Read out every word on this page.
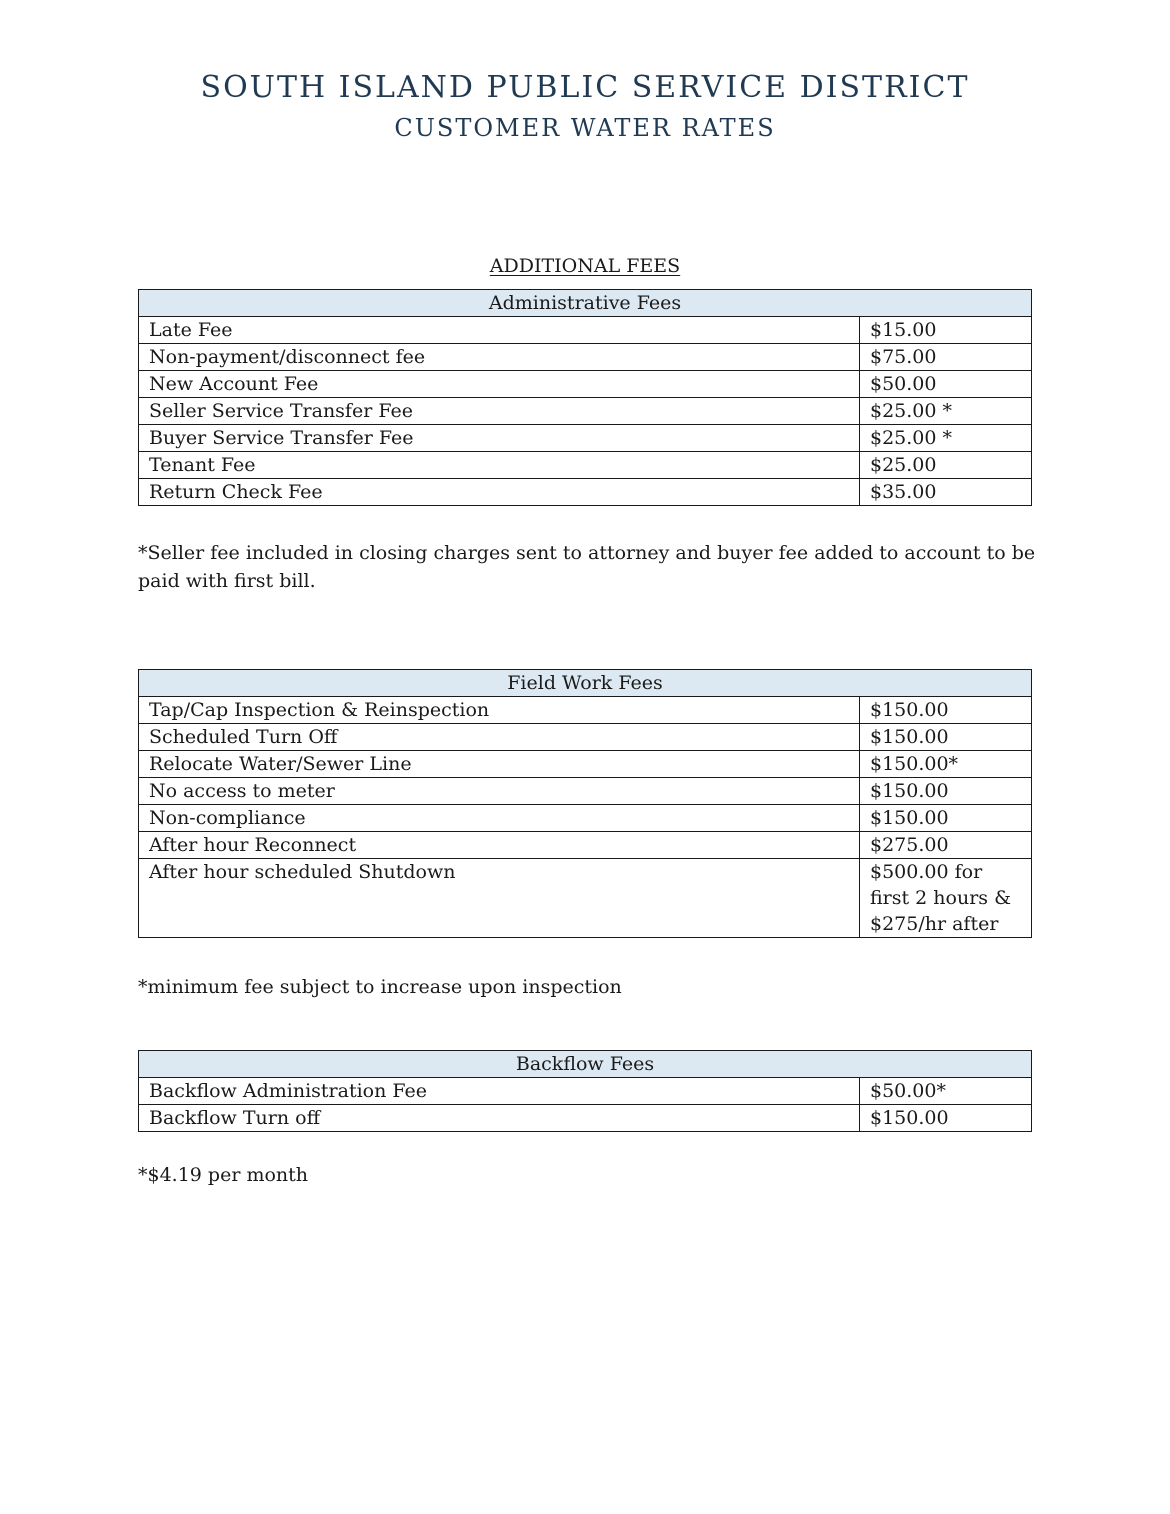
SOUTH ISLAND PUBLIC SERVICE DISTRICT
CUSTOMER WATER RATES
ADDITIONAL FEES
Administrative Fees	
Late Fee	$15.00
Non-payment/disconnect fee	$75.00
New Account Fee	$50.00
Seller Service Transfer Fee	$25.00 *
Buyer Service Transfer Fee	$25.00 *
Tenant Fee	$25.00
Return Check Fee	$35.00
*Seller fee included in closing charges sent to attorney and buyer fee added to account to be paid with first bill.
Field Work Fees	
Tap/Cap Inspection & Reinspection	$150.00
Scheduled Turn Off	$150.00
Relocate Water/Sewer Line	$150.00*
No access to meter	$150.00
Non-compliance	$150.00
After hour Reconnect	$275.00
After hour scheduled Shutdown	$500.00 for
first 2 hours &
$275/hr after
*minimum fee subject to increase upon inspection
Backflow Fees	
Backflow Administration Fee	$50.00*
Backflow Turn off	$150.00
*$4.19 per month
